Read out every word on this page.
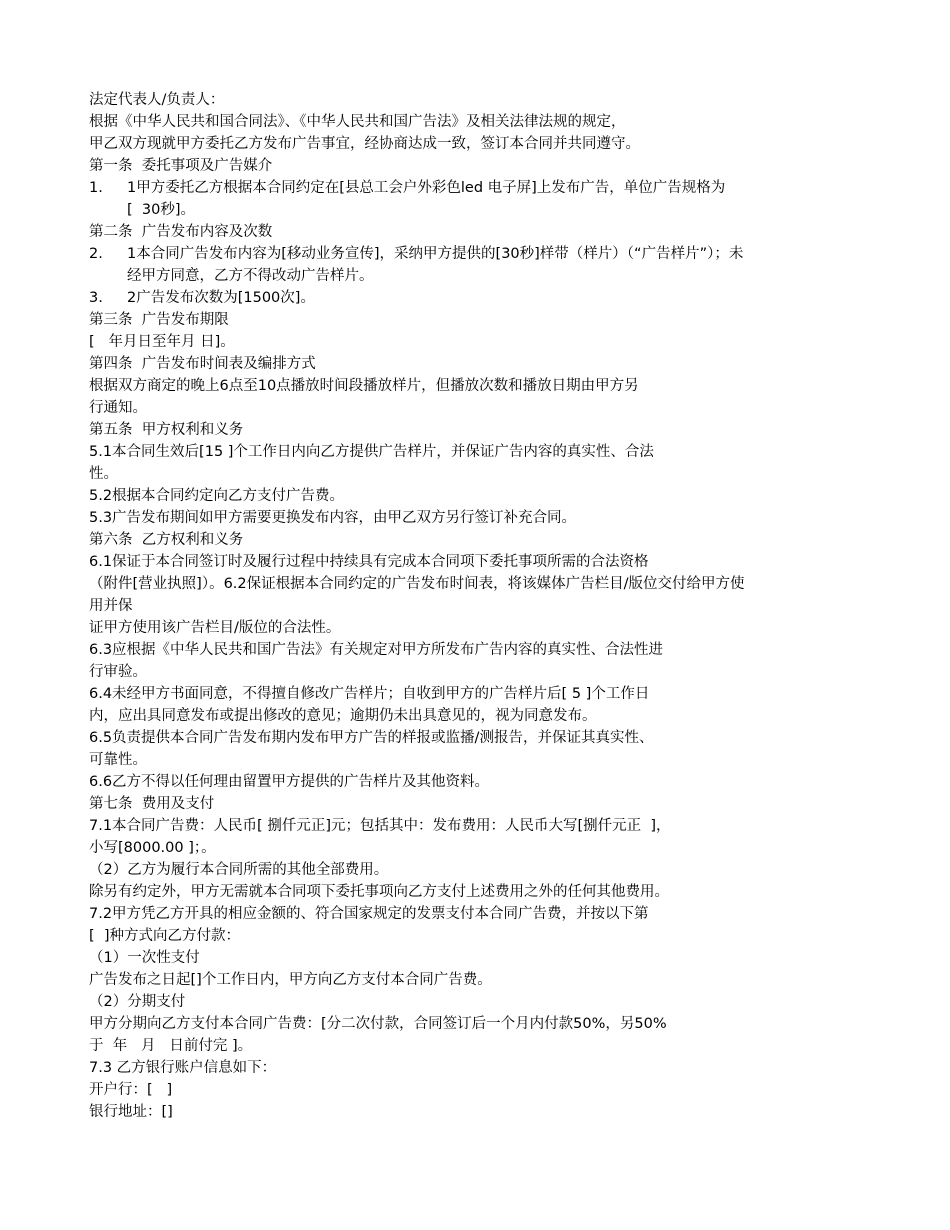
法定代表人/负责人：
根据《中华人民共和国合同法》、《中华人民共和国广告法》及相关法律法规的规定，
甲乙双方现就甲方委托乙方发布广告事宜，经协商达成一致，签订本合同并共同遵守。
第一条  委托事项及广告媒介
1. 1甲方委托乙方根据本合同约定在[县总工会户外彩色led 电子屏]上发布广告，单位广告规格为
[  30秒]。
第二条  广告发布内容及次数
2. 1本合同广告发布内容为[移动业务宣传]，采纳甲方提供的[30秒]样带（样片）（“广告样片”）；未
经甲方同意，乙方不得改动广告样片。
3. 2广告发布次数为[1500次]。
第三条  广告发布期限
[   年月日至年月 日]。
第四条  广告发布时间表及编排方式
根据双方商定的晚上6点至10点播放时间段播放样片，但播放次数和播放日期由甲方另
行通知。
第五条  甲方权利和义务
5.1本合同生效后[15 ]个工作日内向乙方提供广告样片，并保证广告内容的真实性、合法
性。
5.2根据本合同约定向乙方支付广告费。
5.3广告发布期间如甲方需要更换发布内容，由甲乙双方另行签订补充合同。
第六条  乙方权利和义务
6.1保证于本合同签订时及履行过程中持续具有完成本合同项下委托事项所需的合法资格
（附件[营业执照]）。6.2保证根据本合同约定的广告发布时间表，将该媒体广告栏目/版位交付给甲方使
用并保
证甲方使用该广告栏目/版位的合法性。
6.3应根据《中华人民共和国广告法》有关规定对甲方所发布广告内容的真实性、合法性进
行审验。
6.4未经甲方书面同意，不得擅自修改广告样片；自收到甲方的广告样片后[ 5 ]个工作日
内，应出具同意发布或提出修改的意见；逾期仍未出具意见的，视为同意发布。
6.5负责提供本合同广告发布期内发布甲方广告的样报或监播/测报告，并保证其真实性、
可靠性。
6.6乙方不得以任何理由留置甲方提供的广告样片及其他资料。
第七条  费用及支付
7.1本合同广告费：人民币[ 捌仟元正]元；包括其中：发布费用：人民币大写[捌仟元正  ]，
小写[8000.00 ]；。
（2）乙方为履行本合同所需的其他全部费用。
除另有约定外，甲方无需就本合同项下委托事项向乙方支付上述费用之外的任何其他费用。
7.2甲方凭乙方开具的相应金额的、符合国家规定的发票支付本合同广告费，并按以下第
[  ]种方式向乙方付款：
（1）一次性支付
广告发布之日起[]个工作日内，甲方向乙方支付本合同广告费。
（2）分期支付
甲方分期向乙方支付本合同广告费：[分二次付款，合同签订后一个月内付款50%，另50%
于  年   月   日前付完 ]。
7.3 乙方银行账户信息如下：
开户行：[   ]
银行地址：[]
